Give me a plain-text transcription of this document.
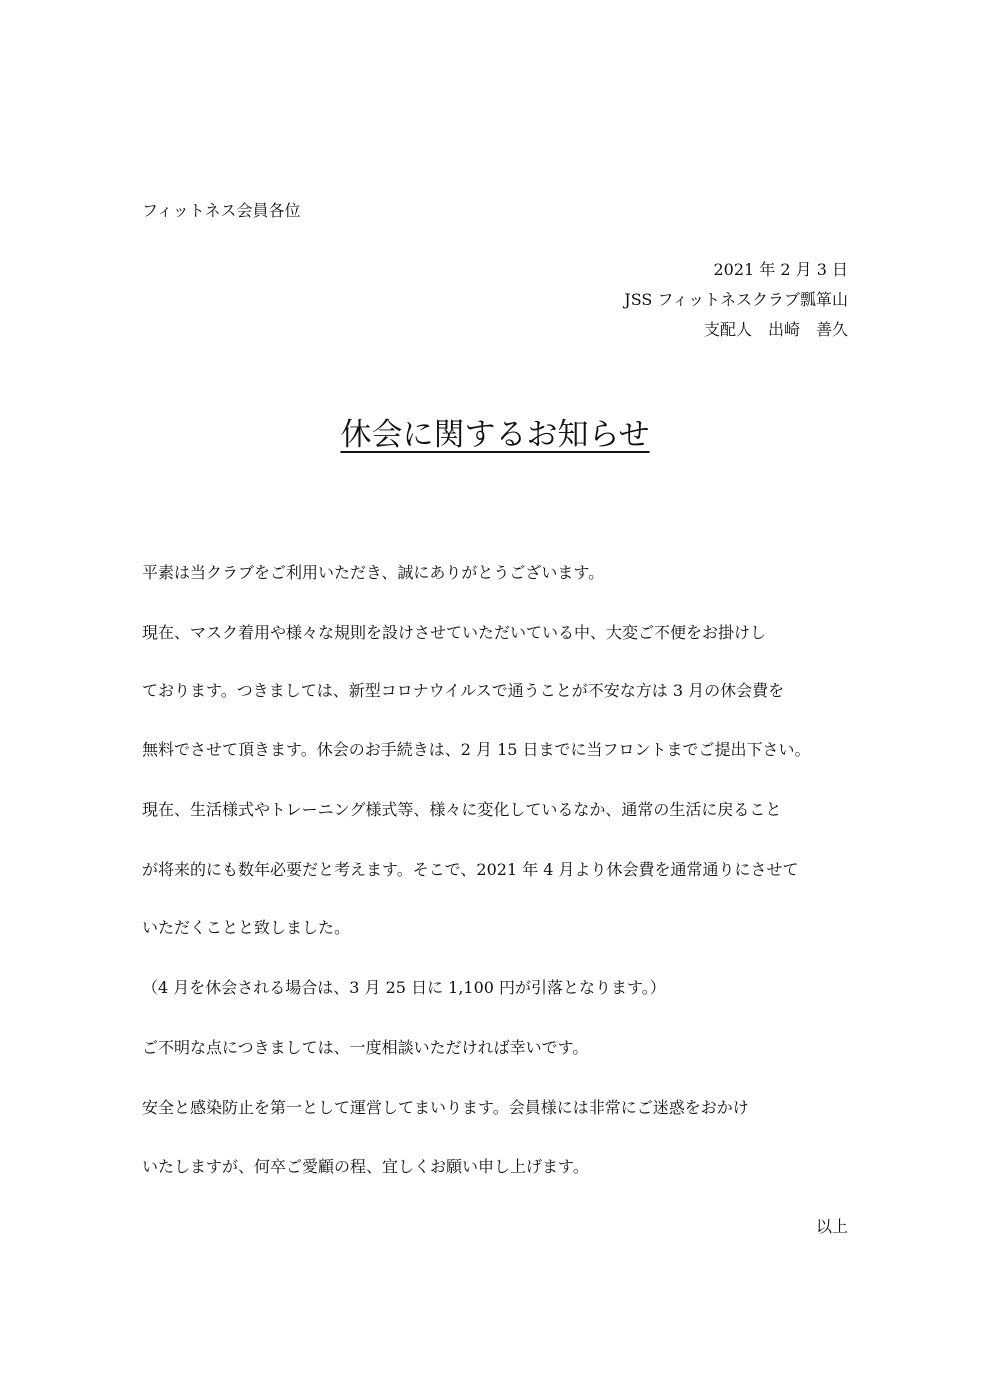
フィットネス会員各位
2021 年 2 月 3 日
JSS フィットネスクラブ瓢箪山
支配人　出崎　善久
休会に関するお知らせ
平素は当クラブをご利用いただき、誠にありがとうございます。
現在、マスク着用や様々な規則を設けさせていただいている中、大変ご不便をお掛けし
ております。つきましては、新型コロナウイルスで通うことが不安な方は 3 月の休会費を
無料でさせて頂きます。休会のお手続きは、2 月 15 日までに当フロントまでご提出下さい。
現在、生活様式やトレーニング様式等、様々に変化しているなか、通常の生活に戻ること
が将来的にも数年必要だと考えます。そこで、2021 年 4 月より休会費を通常通りにさせて
いただくことと致しました。
（4 月を休会される場合は、3 月 25 日に 1,100 円が引落となります。）
ご不明な点につきましては、一度相談いただければ幸いです。
安全と感染防止を第一として運営してまいります。会員様には非常にご迷惑をおかけ
いたしますが、何卒ご愛顧の程、宜しくお願い申し上げます。
以上
